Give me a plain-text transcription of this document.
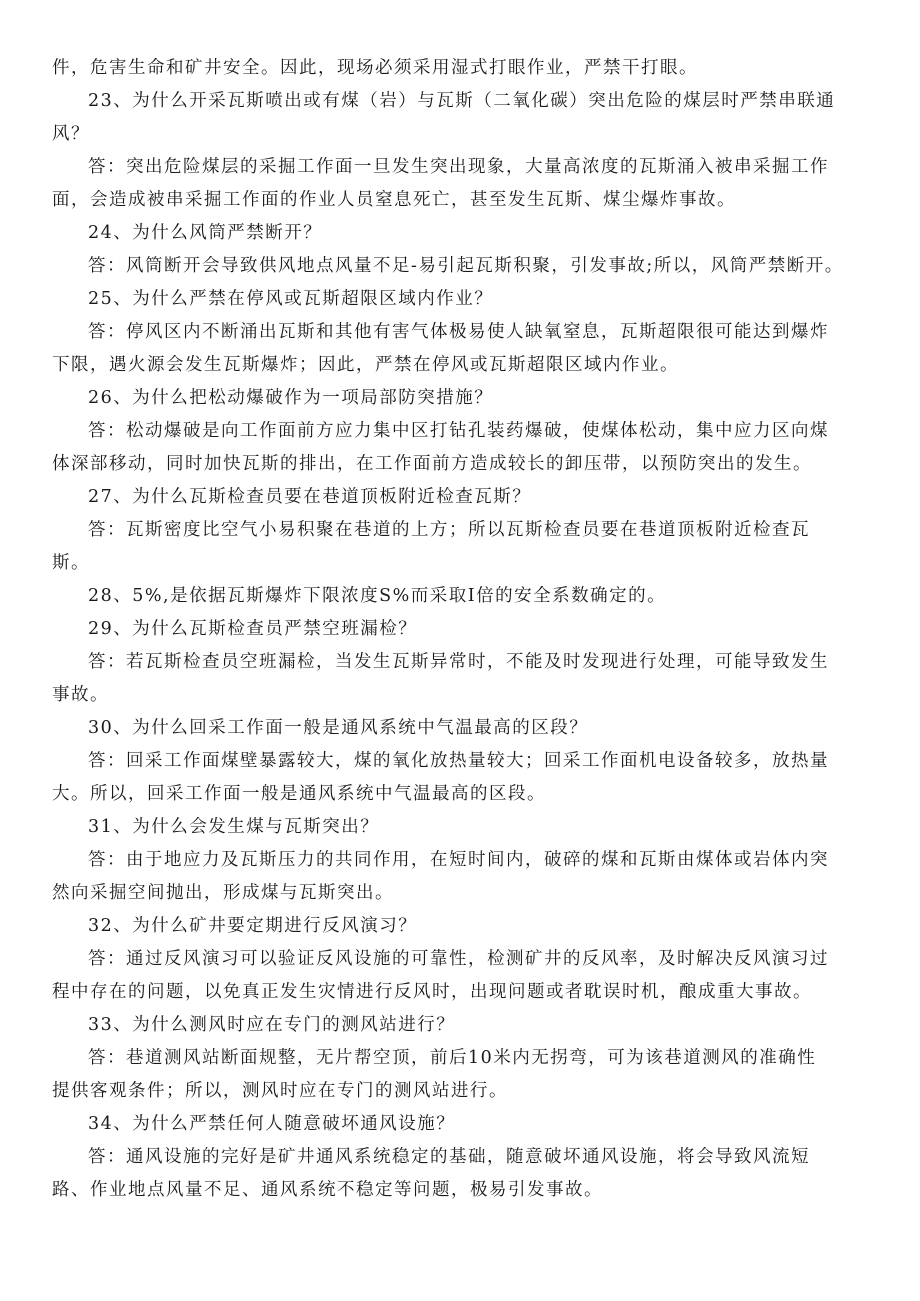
件，危害生命和矿井安全。因此，现场必须采用湿式打眼作业，严禁干打眼。
23、为什么开采瓦斯喷出或有煤（岩）与瓦斯（二氧化碳）突出危险的煤层时严禁串联通
风？
答：突出危险煤层的采掘工作面一旦发生突出现象，大量高浓度的瓦斯涌入被串采掘工作
面，会造成被串采掘工作面的作业人员窒息死亡，甚至发生瓦斯、煤尘爆炸事故。
24、为什么风筒严禁断开？
答：风筒断开会导致供风地点风量不足-易引起瓦斯积聚，引发事故;所以，风筒严禁断开。
25、为什么严禁在停风或瓦斯超限区域内作业？
答：停风区内不断涌出瓦斯和其他有害气体极易使人缺氧窒息，瓦斯超限很可能达到爆炸
下限，遇火源会发生瓦斯爆炸；因此，严禁在停风或瓦斯超限区域内作业。
26、为什么把松动爆破作为一项局部防突措施？
答：松动爆破是向工作面前方应力集中区打钻孔装药爆破，使煤体松动，集中应力区向煤
体深部移动，同时加快瓦斯的排出，在工作面前方造成较长的卸压带，以预防突出的发生。
27、为什么瓦斯检查员要在巷道顶板附近检查瓦斯？
答：瓦斯密度比空气小易积聚在巷道的上方；所以瓦斯检查员要在巷道顶板附近检查瓦
斯。
28、5%,是依据瓦斯爆炸下限浓度S%而采取Ⅰ倍的安全系数确定的。
29、为什么瓦斯检查员严禁空班漏检？
答：若瓦斯检查员空班漏检，当发生瓦斯异常时，不能及时发现进行处理，可能导致发生
事故。
30、为什么回采工作面一般是通风系统中气温最高的区段？
答：回采工作面煤壁暴露较大，煤的氧化放热量较大；回采工作面机电设备较多，放热量
大。所以，回采工作面一般是通风系统中气温最高的区段。
31、为什么会发生煤与瓦斯突出？
答：由于地应力及瓦斯压力的共同作用，在短时间内，破碎的煤和瓦斯由煤体或岩体内突
然向采掘空间抛出，形成煤与瓦斯突出。
32、为什么矿井要定期进行反风演习？
答：通过反风演习可以验证反风设施的可靠性，检测矿井的反风率，及时解决反风演习过
程中存在的问题，以免真正发生灾情进行反风时，出现问题或者耽误时机，酿成重大事故。
33、为什么测风时应在专门的测风站进行？
答：巷道测风站断面规整，无片帮空顶，前后10米内无拐弯，可为该巷道测风的准确性
提供客观条件；所以，测风时应在专门的测风站进行。
34、为什么严禁任何人随意破坏通风设施？
答：通风设施的完好是矿井通风系统稳定的基础，随意破坏通风设施，将会导致风流短
路、作业地点风量不足、通风系统不稳定等问题，极易引发事故。
